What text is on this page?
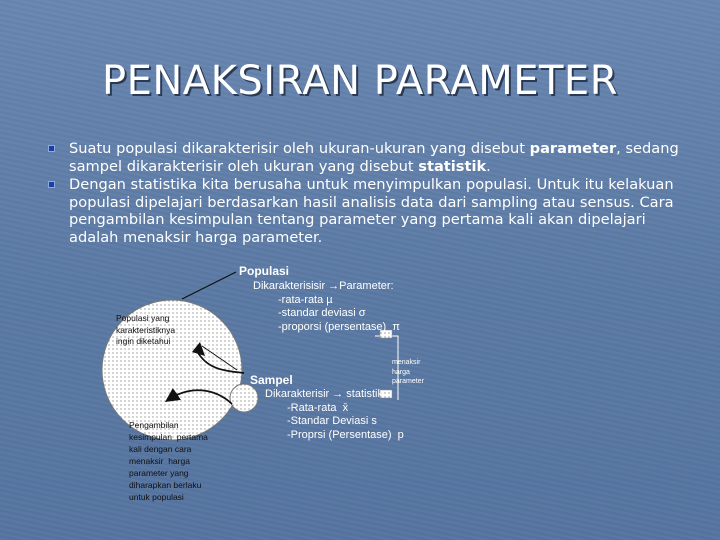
PENAKSIRAN PARAMETER
Suatu populasi dikarakterisir oleh ukuran-ukuran yang disebut parameter, sedang sampel dikarakterisir oleh ukuran yang disebut statistik.
Dengan statistika kita berusaha untuk menyimpulkan populasi. Untuk itu kelakuan populasi dipelajari berdasarkan hasil analisis data dari sampling atau sensus. Cara pengambilan kesimpulan tentang parameter yang pertama kali akan dipelajari adalah menaksir harga parameter.
Populasi yang
karakteristiknya
ingin diketahui
Populasi
Dikarakterisisir →Parameter:
-rata-rata µ
-standar deviasi σ
-proporsi (persentase)  π
menaksir
harga
parameter
Sampel
Dikarakterisir → statistik
-Rata-rata  x̄
-Standar Deviasi s
-Proprsi (Persentase)  p
Pengambilan
kesimpulan  pertama
kali dengan cara
menaksir  harga
parameter yang
diharapkan berlaku
untuk populasi
